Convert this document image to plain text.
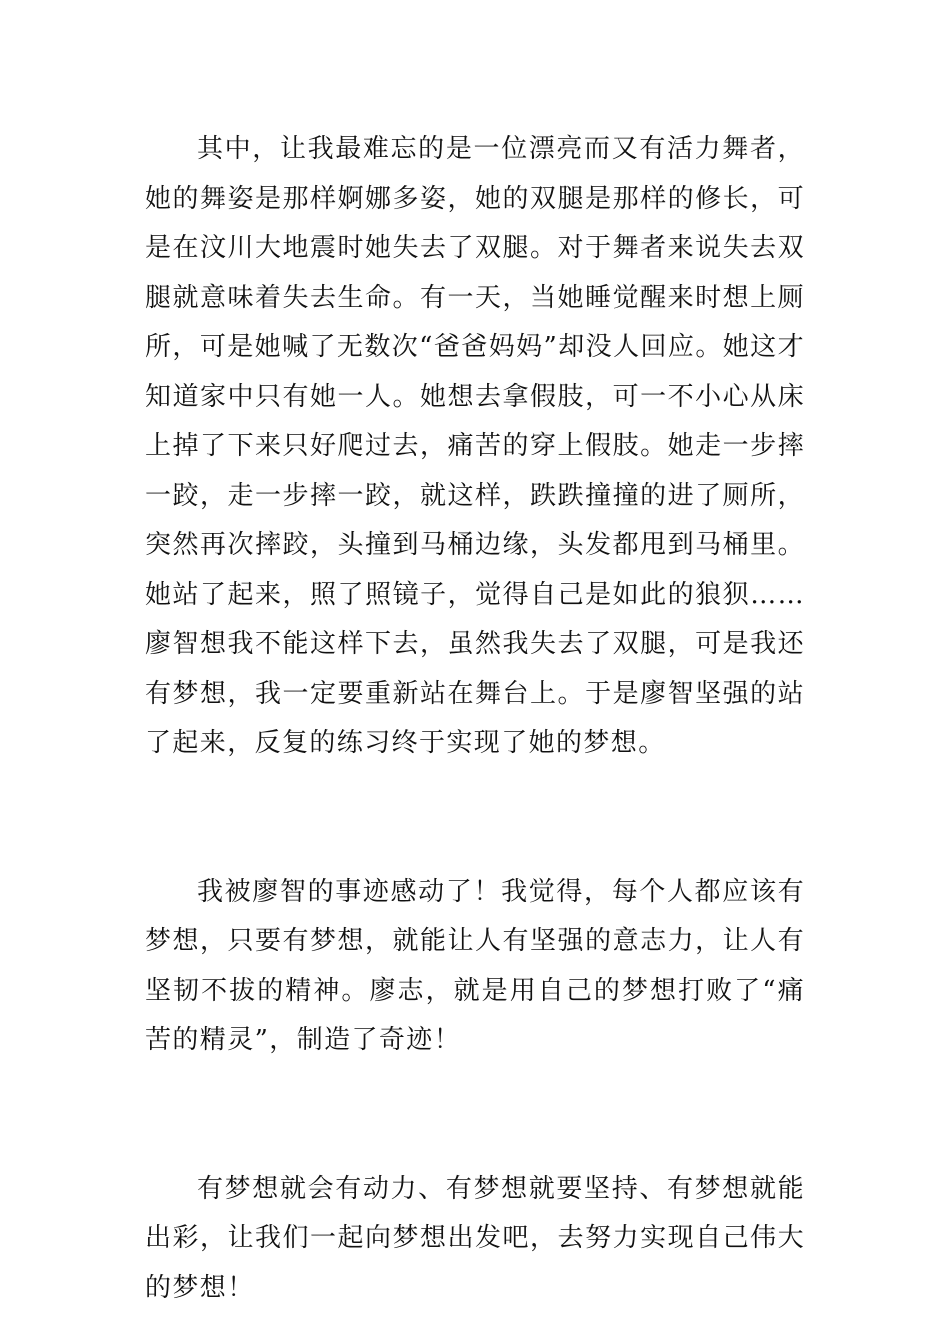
其中，让我最难忘的是一位漂亮而又有活力舞者，她的舞姿是那样婀娜多姿，她的双腿是那样的修长，可是在汶川大地震时她失去了双腿。对于舞者来说失去双腿就意味着失去生命。有一天，当她睡觉醒来时想上厕所，可是她喊了无数次“爸爸妈妈”却没人回应。她这才知道家中只有她一人。她想去拿假肢，可一不小心从床上掉了下来只好爬过去，痛苦的穿上假肢。她走一步摔一跤，走一步摔一跤，就这样，跌跌撞撞的进了厕所，突然再次摔跤，头撞到马桶边缘，头发都甩到马桶里。她站了起来，照了照镜子，觉得自己是如此的狼狈……廖智想我不能这样下去，虽然我失去了双腿，可是我还有梦想，我一定要重新站在舞台上。于是廖智坚强的站了起来，反复的练习终于实现了她的梦想。

我被廖智的事迹感动了！我觉得，每个人都应该有梦想，只要有梦想，就能让人有坚强的意志力，让人有坚韧不拔的精神。廖志，就是用自己的梦想打败了“痛苦的精灵”，制造了奇迹！

有梦想就会有动力、有梦想就要坚持、有梦想就能出彩，让我们一起向梦想出发吧，去努力实现自己伟大的梦想！
